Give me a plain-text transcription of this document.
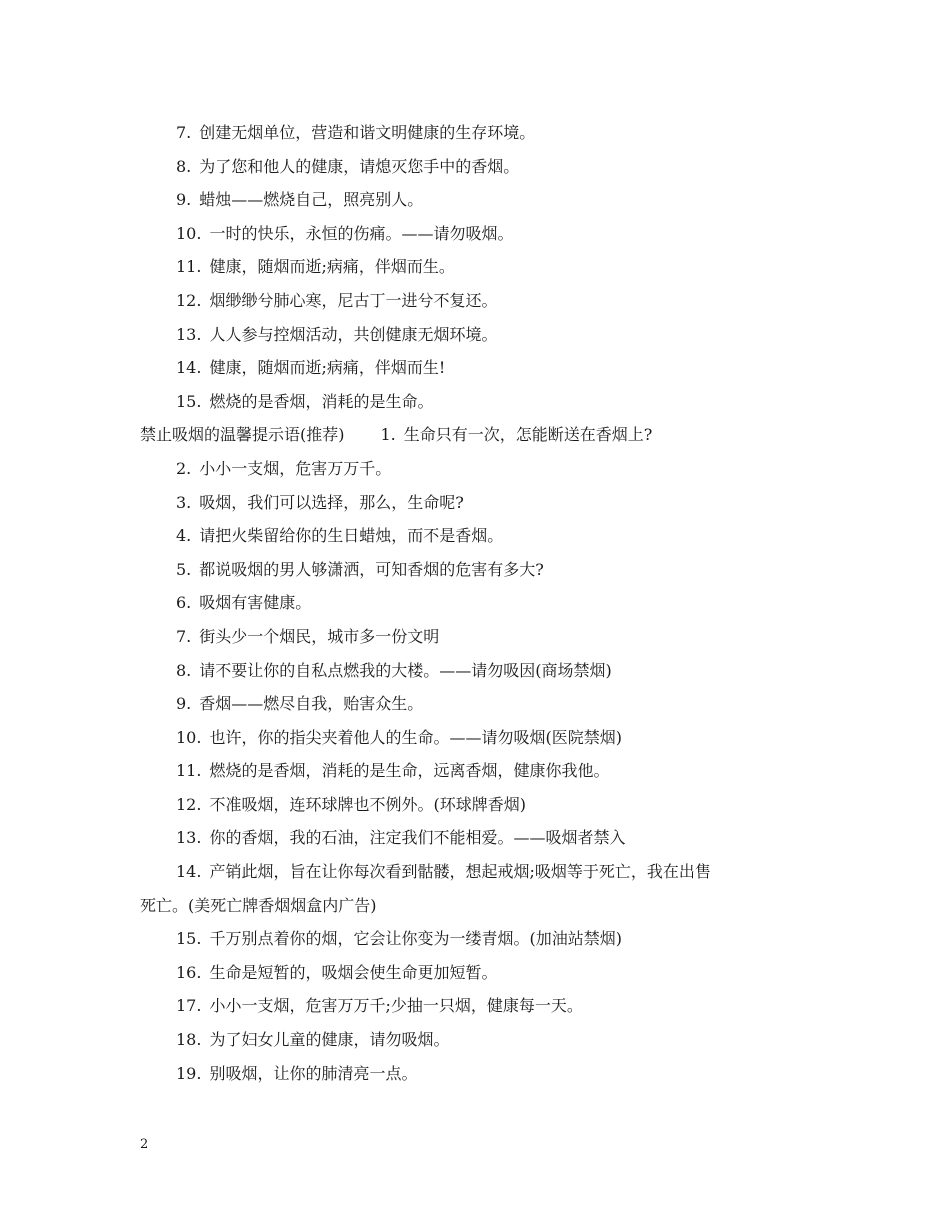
7. 创建无烟单位，营造和谐文明健康的生存环境。

8. 为了您和他人的健康，请熄灭您手中的香烟。

9. 蜡烛——燃烧自己，照亮别人。

10. 一时的快乐，永恒的伤痛。——请勿吸烟。

11. 健康，随烟而逝;病痛，伴烟而生。

12. 烟缈缈兮肺心寒，尼古丁一进兮不复还。

13. 人人参与控烟活动，共创健康无烟环境。

14. 健康，随烟而逝;病痛，伴烟而生!

15. 燃烧的是香烟，消耗的是生命。

禁止吸烟的温馨提示语(推荐) 1. 生命只有一次，怎能断送在香烟上?

2. 小小一支烟，危害万万千。

3. 吸烟，我们可以选择，那么，生命呢?

4. 请把火柴留给你的生日蜡烛，而不是香烟。

5. 都说吸烟的男人够潇洒，可知香烟的危害有多大?

6. 吸烟有害健康。

7. 街头少一个烟民，城市多一份文明

8. 请不要让你的自私点燃我的大楼。——请勿吸因(商场禁烟)

9. 香烟——燃尽自我，贻害众生。

10. 也许，你的指尖夹着他人的生命。——请勿吸烟(医院禁烟)

11. 燃烧的是香烟，消耗的是生命，远离香烟，健康你我他。

12. 不准吸烟，连环球牌也不例外。(环球牌香烟)

13. 你的香烟，我的石油，注定我们不能相爱。——吸烟者禁入

14. 产销此烟，旨在让你每次看到骷髅，想起戒烟;吸烟等于死亡，我在出售

死亡。(美死亡牌香烟烟盒内广告)

15. 千万别点着你的烟，它会让你变为一缕青烟。(加油站禁烟)

16. 生命是短暂的，吸烟会使生命更加短暂。

17. 小小一支烟，危害万万千;少抽一只烟，健康每一天。

18. 为了妇女儿童的健康，请勿吸烟。

19. 别吸烟，让你的肺清亮一点。

2
